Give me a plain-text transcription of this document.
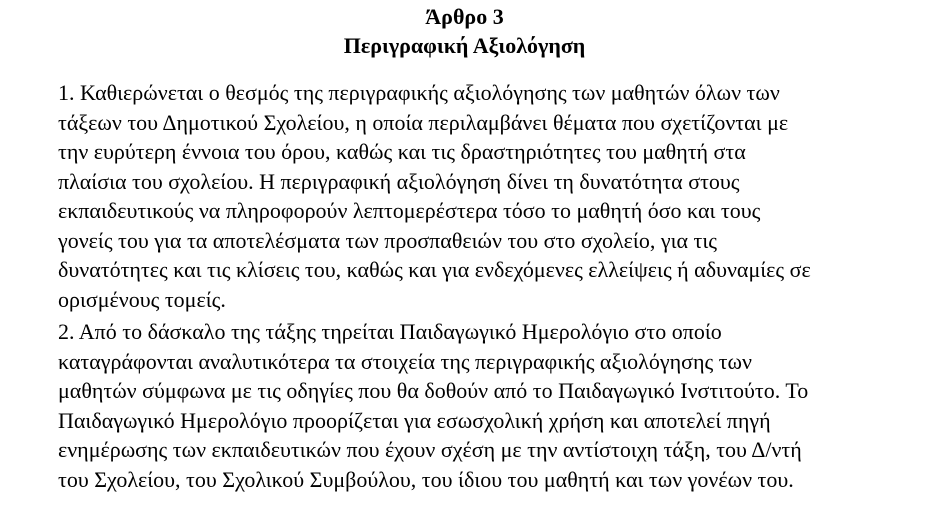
Άρθρο 3
Περιγραφική Αξιολόγηση

1. Καθιερώνεται ο θεσμός της περιγραφικής αξιολόγησης των μαθητών όλων των
τάξεων του Δημοτικού Σχολείου, η οποία περιλαμβάνει θέματα που σχετίζονται με
την ευρύτερη έννοια του όρου, καθώς και τις δραστηριότητες του μαθητή στα
πλαίσια του σχολείου. Η περιγραφική αξιολόγηση δίνει τη δυνατότητα στους
εκπαιδευτικούς να πληροφορούν λεπτομερέστερα τόσο το μαθητή όσο και τους
γονείς του για τα αποτελέσματα των προσπαθειών του στο σχολείο, για τις
δυνατότητες και τις κλίσεις του, καθώς και για ενδεχόμενες ελλείψεις ή αδυναμίες σε
ορισμένους τομείς.

2. Από το δάσκαλο της τάξης τηρείται Παιδαγωγικό Ημερολόγιο στο οποίο
καταγράφονται αναλυτικότερα τα στοιχεία της περιγραφικής αξιολόγησης των
μαθητών σύμφωνα με τις οδηγίες που θα δοθούν από το Παιδαγωγικό Ινστιτούτο. Το
Παιδαγωγικό Ημερολόγιο προορίζεται για εσωσχολική χρήση και αποτελεί πηγή
ενημέρωσης των εκπαιδευτικών που έχουν σχέση με την αντίστοιχη τάξη, του Δ/ντή
του Σχολείου, του Σχολικού Συμβούλου, του ίδιου του μαθητή και των γονέων του.
